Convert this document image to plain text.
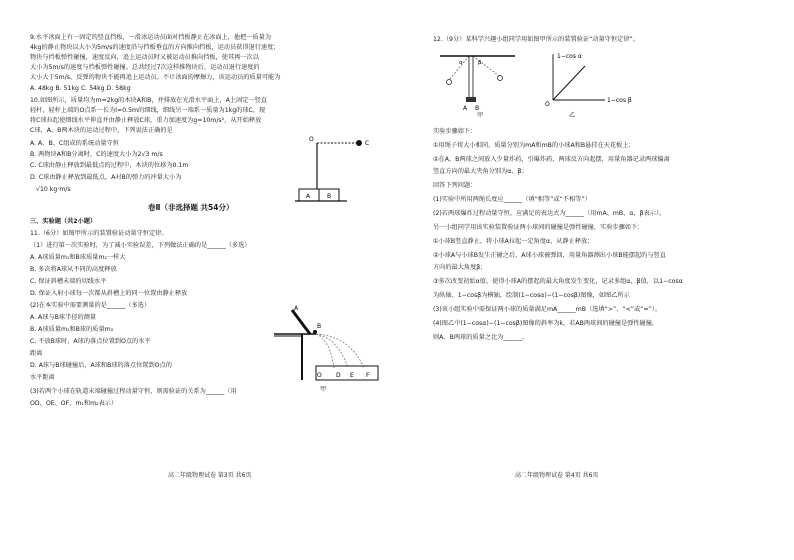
9.水平冰面上有一固定的竖直挡板，一滑冰运动员面对挡板静止在冰面上，他把一质量为
4kg的静止物块以大小为5m/s的速度沿与挡板垂直的方向推向挡板，运动员获得退行速度；
物块与挡板弹性碰撞，速度反向，追上运动员时又被运动员推向挡板，使其再一次以
大小为5m/s的速度与挡板弹性碰撞。总共经过7次这样推物块后，运动员退行速度的
大小大于5m/s，反弹的物块不能再追上运动员。不计冰面的摩擦力，该运动员的质量可能为
A. 48kg B. 51kg C. 54kg D. 58kg
10.如图所示，质量均为m=2kg的木块A和B，并排放在光滑水平面上，A上固定一竖直
轻杆，轻杆上端的O点系一长为l=0.5m的细线，细线另一端系一质量为1kg的球C，现
将C球拉起使细线水平伸直并由静止释放C球，重力加速度为g=10m/s²，从开始释放
C球，A、B两木块的运动过程中，下列说法正确的是
A. A、B、C组成的系统动量守恒
B. 两物块A和B分离时，C的速度大小为2√3 m/s
C. C球由静止释放到最低点的过程中，木块的位移为0.1m
D. C球由静止释放到最低点，A对B的弹力的冲量大小为
√10 kg·m/s
O
C
A	B
卷Ⅱ（非选择题 共54分）
三、实验题（共2小题）
11.（6分）如图甲所示的装置验证动量守恒定律。
（1）进行第一次实验时，为了减小实验误差，下列做法正确的是______（多选）
A. A球质量m₁和B球质量m₂一样大
B. 多次将A球从不同的高度释放
C. 保证斜槽末端的切线水平
D. 保证入射小球每一次都从斜槽上的同一位置由静止释放
(2)在本实验中需要测量的是______（多选）
A. A球与B球半径的测量
B. A球质量m₁和B球的质量m₂
C. 不放B球时，A球的落点位置到O点的水平
距离
D. A球与B球碰撞后，A球和B球的落点位置到O点的
水平距离
(3)若两个小球在轨道末端碰撞过程动量守恒，则需验证的关系为______（用
OD、OE、OF、m₁和m₂表示）
A
B
O D E F
甲
高二年级物理试卷 第3页 共6页
12.（9分）某科学兴趣小组同学用如图甲所示的装置验证“动量守恒定律”。
α	β
A B
甲
1−cos α
1−cos β
O
乙
实验步骤如下：
①用绳子将大小相同、质量分别为mA和mB的小球A和B悬挂在天花板上；
②在A、B两球之间放入少量炸药，引爆炸药，两球反方向起摆，用量角器记录两球偏离
竖直方向的最大夹角分别为α、β；
回答下列问题：
(1)实验中所用两绳长度应______（填“相等”或“不相等”）
(2)若两球爆炸过程动量守恒，应满足的表达式为______（用mA、mB、α、β表示）。
另一小组同学用该实验装置验证两小球间的碰撞是弹性碰撞，实验步骤如下：
①小球B竖直静止，将小球A拉起一定角度α，从静止释放；
②小球A与小球B发生正碰之后，A球小球被弹回，用量角器测出小球B能摆起的与竖直
方向的最大角度β；
③多次改变初始α值，使得小球A的摆起的最大角度发生变化，记录多组α、β值，以1−cosα
为纵轴、1−cosβ为横轴，绘制(1−cosα)−(1−cosβ)图像，如图乙所示
(3)该小组实验中需保证两小球的质量满足mA______mB（选填“>”、“<”或“=”）。
(4)图乙中(1−cosα)−(1−cosβ)图像的斜率为k，若AB两球间的碰撞是弹性碰撞，
则A、B两球的质量之比为______。
高二年级物理试卷 第4页 共6页
